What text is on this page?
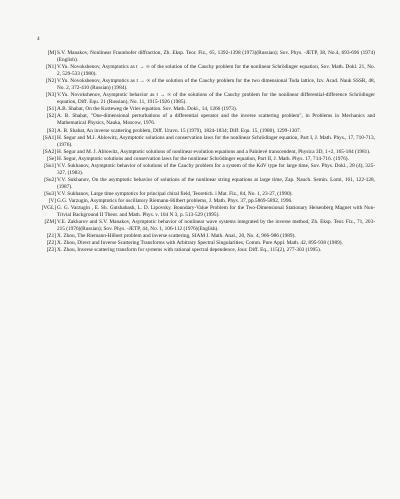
4
[M] S.V. Manakov, Nonlinear Fraunhofer diffraction, Zh. Eksp. Teor. Fiz., 65, 1392-1398 (1973)(Russian); Sov. Phys. -JETP, 38, No.4, 693-696 (1974)(English).
[N1] V.Yu. Novokshenov, Asymptotics as t → ∞ of the solution of the Cauchy problem for the nonlinear Schrödinger equation, Sov. Math. Dokl. 21, No. 2, 529-533 (1980).
[N2] V.Yu. Novokshenov, Asymptotics as t → ∞ of the solution of the Cauchy problem for the two dimensional Toda lattice, Izv. Acad. Nauk SSSR, 48, No. 2, 372-410 (Russian) (1984).
[N3] V.Yu. Novokshenov, Asymptotic behavior as t → ∞ of the solutions of the Cauchy problem for the nonlinear differential-difference Schrödinger equation, Diff. Equ. 21 (Russian), No. 11, 1915-1926 (1985).
[S1] A.B. Shabat, On the Korteweg de Vries equation. Sov. Math. Dokl., 14, 1266 (1973).
[S2] A. B. Shabat, "One-dimensional perturbations of a differential operator and the inverse scattering problem", in Problems in Mechanics and Mathematical Physics, Nauka, Moscow, 1976.
[S3] A. B. Shabat, An inverse scattering problem, Diff. Uravn. 15 (1979), 1824-1834; Diff. Equ. 15, (1980), 1299-1307.
[SA1] H. Segur and M.J. Ablowitz, Asymptotic solutions and conservation laws for the nonlinear Schrödinger equation, Part I, J. Math. Phys., 17, 710-713, (1976).
[SA2] H. Segur and M. J. Ablowitz, Asymptotic solutions of nonlinear evolution equations and a Painlevé transcendent, Physica 3D, 1+2, 165-184 (1981).
[Se] H. Segur, Asymptotic solutions and conservation laws for the nonlinear Schrödinger equation, Part II, J. Math. Phys. 17, 714-716. (1976).
[Su1] V.V. Sukhanov, Asymptotic behavior of solutions of the Cauchy problem for a system of the KdV type for large time, Sov. Phys. Dokl., 28 (4), 325-327, (1983).
[Su2] V.V. Sukhanov, On the asymptotic behavior of solutions of the nonlinear string equations at large time, Zap. Nauch. Semin. Lomi, 161, 122-128, (1987).
[Su3] V.V. Sukhanov, Large time symptotics for principal chiral field, Teoretich. i Mat. Fiz., 84, No. 1, 23-27, (1990).
[V] G.G. Varzugin, Asymptotics for oscillatory Riemann-Hilbert problems, J. Math. Phys. 37, pp.5869-5892, 1996.
[VGL] G. G. Varzugin , E. Sh. Gutshabash, L. D. Lipovsky. Boundary-Value Problem for the Two-Dimensional Stationary Heisenberg Magnet with Non-Trivial Background II Theor. and Math. Phys. v. 104 N 3, p. 513-529 (1995).
[ZM] V.E. Zakharov and S.V. Manakov, Asymptotic behavior of nonlinear wave systems integrated by the inverse method, Zh. Eksp. Teor. Fiz., 71, 203-215 (1976)(Russian); Sov. Phys. -JETP, 44, No. 1, 106-112 (1976)(English).
[Z1] X. Zhou, The Riemann-Hilbert problem and inverse scattering, SIAM J. Math. Anal., 20, No. 4, 966-986 (1989).
[Z2] X. Zhou, Direct and Inverse Scattering Transforms with Arbitrary Spectral Singularities, Comm. Pure Appl. Math. 42, 895-938 (1989).
[Z3] X. Zhou, Inverse scattering transform for systems with rational spectral dependence, Jour. Diff. Eq., 115(2), 277-303 (1995).
